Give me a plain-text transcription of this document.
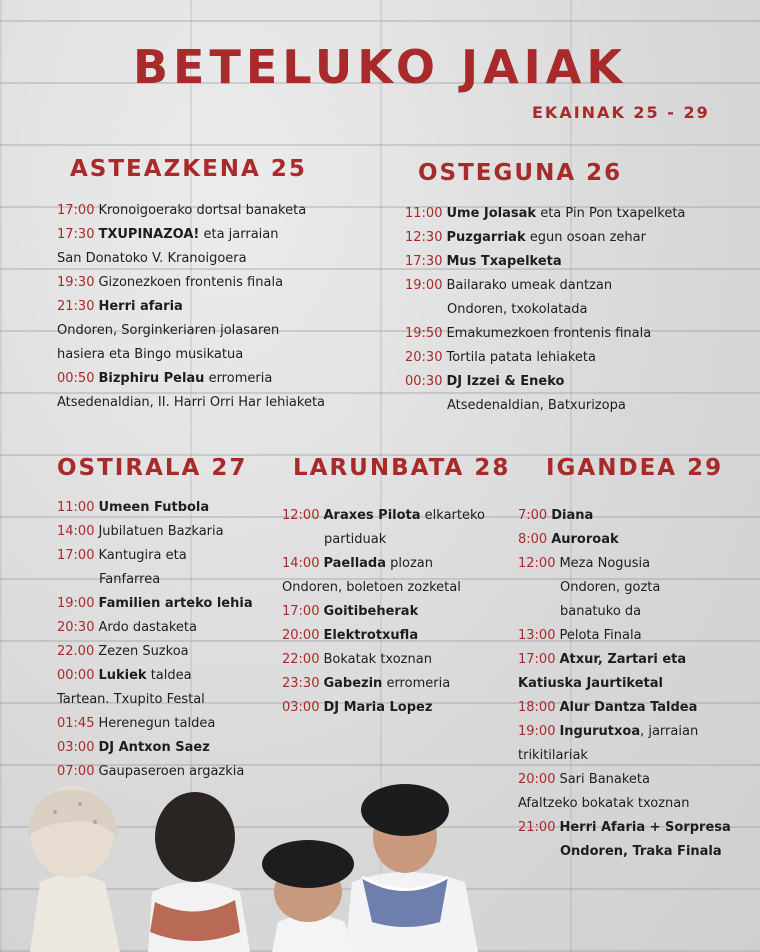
BETELUKO JAIAK
EKAINAK 25 - 29
ASTEAZKENA 25
17:00 Kronoigoerako dortsal banaketa
17:30 TXUPINAZOA! eta jarraian
San Donatoko V. Kranoigoera
19:30 Gizonezkoen frontenis finala
21:30 Herri afaria
Ondoren, Sorginkeriaren jolasaren
hasiera eta Bingo musikatua
00:50 Bizphiru Pelau erromeria
Atsedenaldian, II. Harri Orri Har lehiaketa
OSTEGUNA 26
11:00 Ume Jolasak eta Pin Pon txapelketa
12:30 Puzgarriak egun osoan zehar
17:30 Mus Txapelketa
19:00 Bailarako umeak dantzan
Ondoren, txokolatada
19:50 Emakumezkoen frontenis finala
20:30 Tortila patata lehiaketa
00:30 DJ Izzei & Eneko
Atsedenaldian, Batxurizopa
OSTIRALA 27
11:00 Umeen Futbola
14:00 Jubilatuen Bazkaria
17:00 Kantugira eta
Fanfarrea
19:00 Familien arteko lehia
20:30 Ardo dastaketa
22.00 Zezen Suzkoa
00:00 Lukiek taldea
Tartean. Txupito Festal
01:45 Herenegun taldea
03:00 DJ Antxon Saez
07:00 Gaupaseroen argazkia
LARUNBATA 28
12:00 Araxes Pilota elkarteko
partiduak
14:00 Paellada plozan
Ondoren, boletoen zozketal
17:00 Goitibeherak
20:00 Elektrotxufla
22:00 Bokatak txoznan
23:30 Gabezin erromeria
03:00 DJ Maria Lopez
IGANDEA 29
7:00 Diana
8:00 Auroroak
12:00 Meza Nogusia
Ondoren, gozta
banatuko da
13:00 Pelota Finala
17:00 Atxur, Zartari eta
Katiuska Jaurtiketal
18:00 Alur Dantza Taldea
19:00 Ingurutxoa, jarraian
trikitilariak
20:00 Sari Banaketa
Afaltzeko bokatak txoznan
21:00 Herri Afaria + Sorpresa
Ondoren, Traka Finala
